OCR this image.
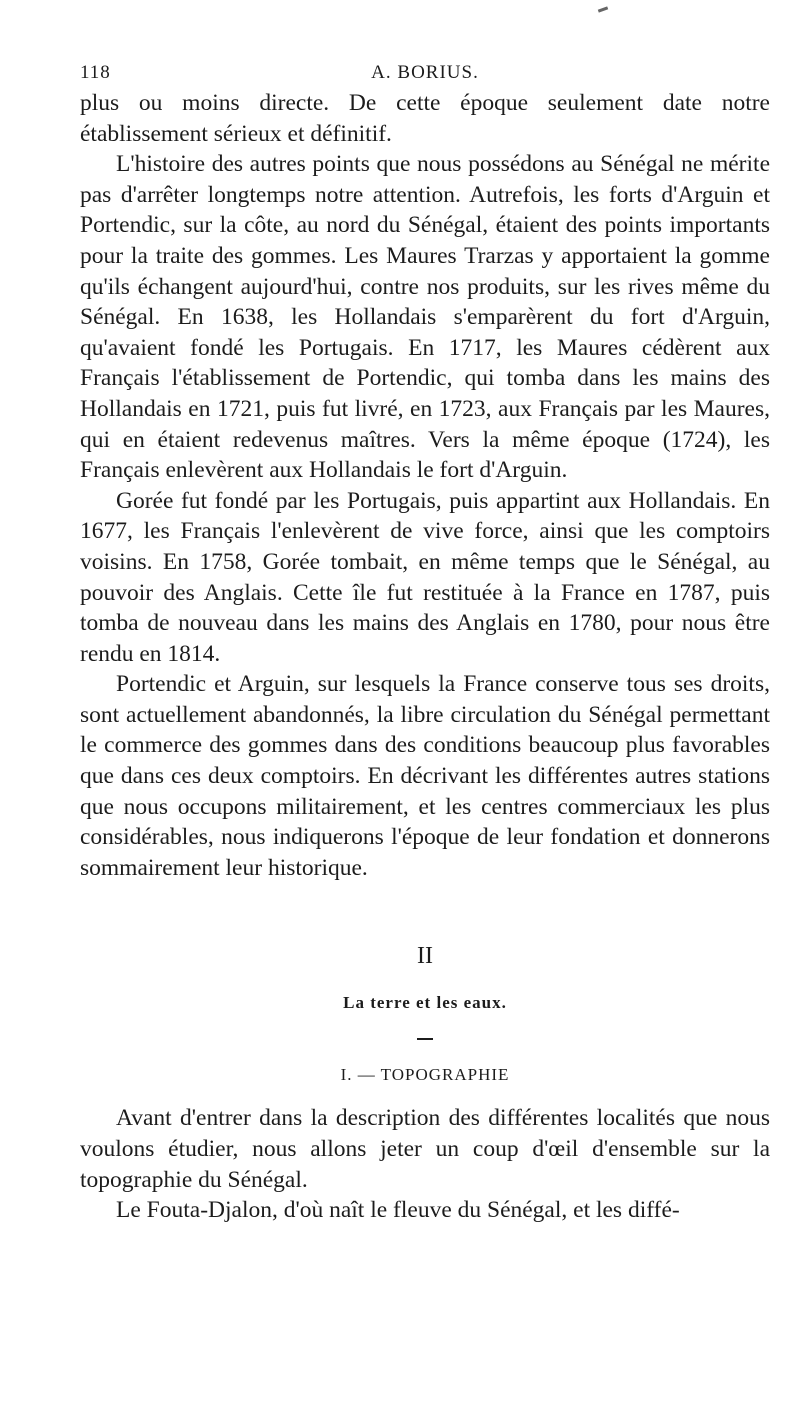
118	A. BORIUS.

plus ou moins directe. De cette époque seulement date notre établissement sérieux et définitif.

L'histoire des autres points que nous possédons au Sénégal ne mérite pas d'arrêter longtemps notre attention. Autrefois, les forts d'Arguin et Portendic, sur la côte, au nord du Sénégal, étaient des points importants pour la traite des gommes. Les Maures Trarzas y apportaient la gomme qu'ils échangent aujourd'hui, contre nos produits, sur les rives même du Sénégal. En 1638, les Hollandais s'emparèrent du fort d'Arguin, qu'avaient fondé les Portugais. En 1717, les Maures cédèrent aux Français l'établissement de Portendic, qui tomba dans les mains des Hollandais en 1721, puis fut livré, en 1723, aux Français par les Maures, qui en étaient redevenus maîtres. Vers la même époque (1724), les Français enlevèrent aux Hollandais le fort d'Arguin.

Gorée fut fondé par les Portugais, puis appartint aux Hollandais. En 1677, les Français l'enlevèrent de vive force, ainsi que les comptoirs voisins. En 1758, Gorée tombait, en même temps que le Sénégal, au pouvoir des Anglais. Cette île fut restituée à la France en 1787, puis tomba de nouveau dans les mains des Anglais en 1780, pour nous être rendu en 1814.

Portendic et Arguin, sur lesquels la France conserve tous ses droits, sont actuellement abandonnés, la libre circulation du Sénégal permettant le commerce des gommes dans des conditions beaucoup plus favorables que dans ces deux comptoirs. En décrivant les différentes autres stations que nous occupons militairement, et les centres commerciaux les plus considérables, nous indiquerons l'époque de leur fondation et donnerons sommairement leur historique.

II
La terre et les eaux.
I. — TOPOGRAPHIE

Avant d'entrer dans la description des différentes localités que nous voulons étudier, nous allons jeter un coup d'œil d'ensemble sur la topographie du Sénégal.

Le Fouta-Djalon, d'où naît le fleuve du Sénégal, et les diffé-
